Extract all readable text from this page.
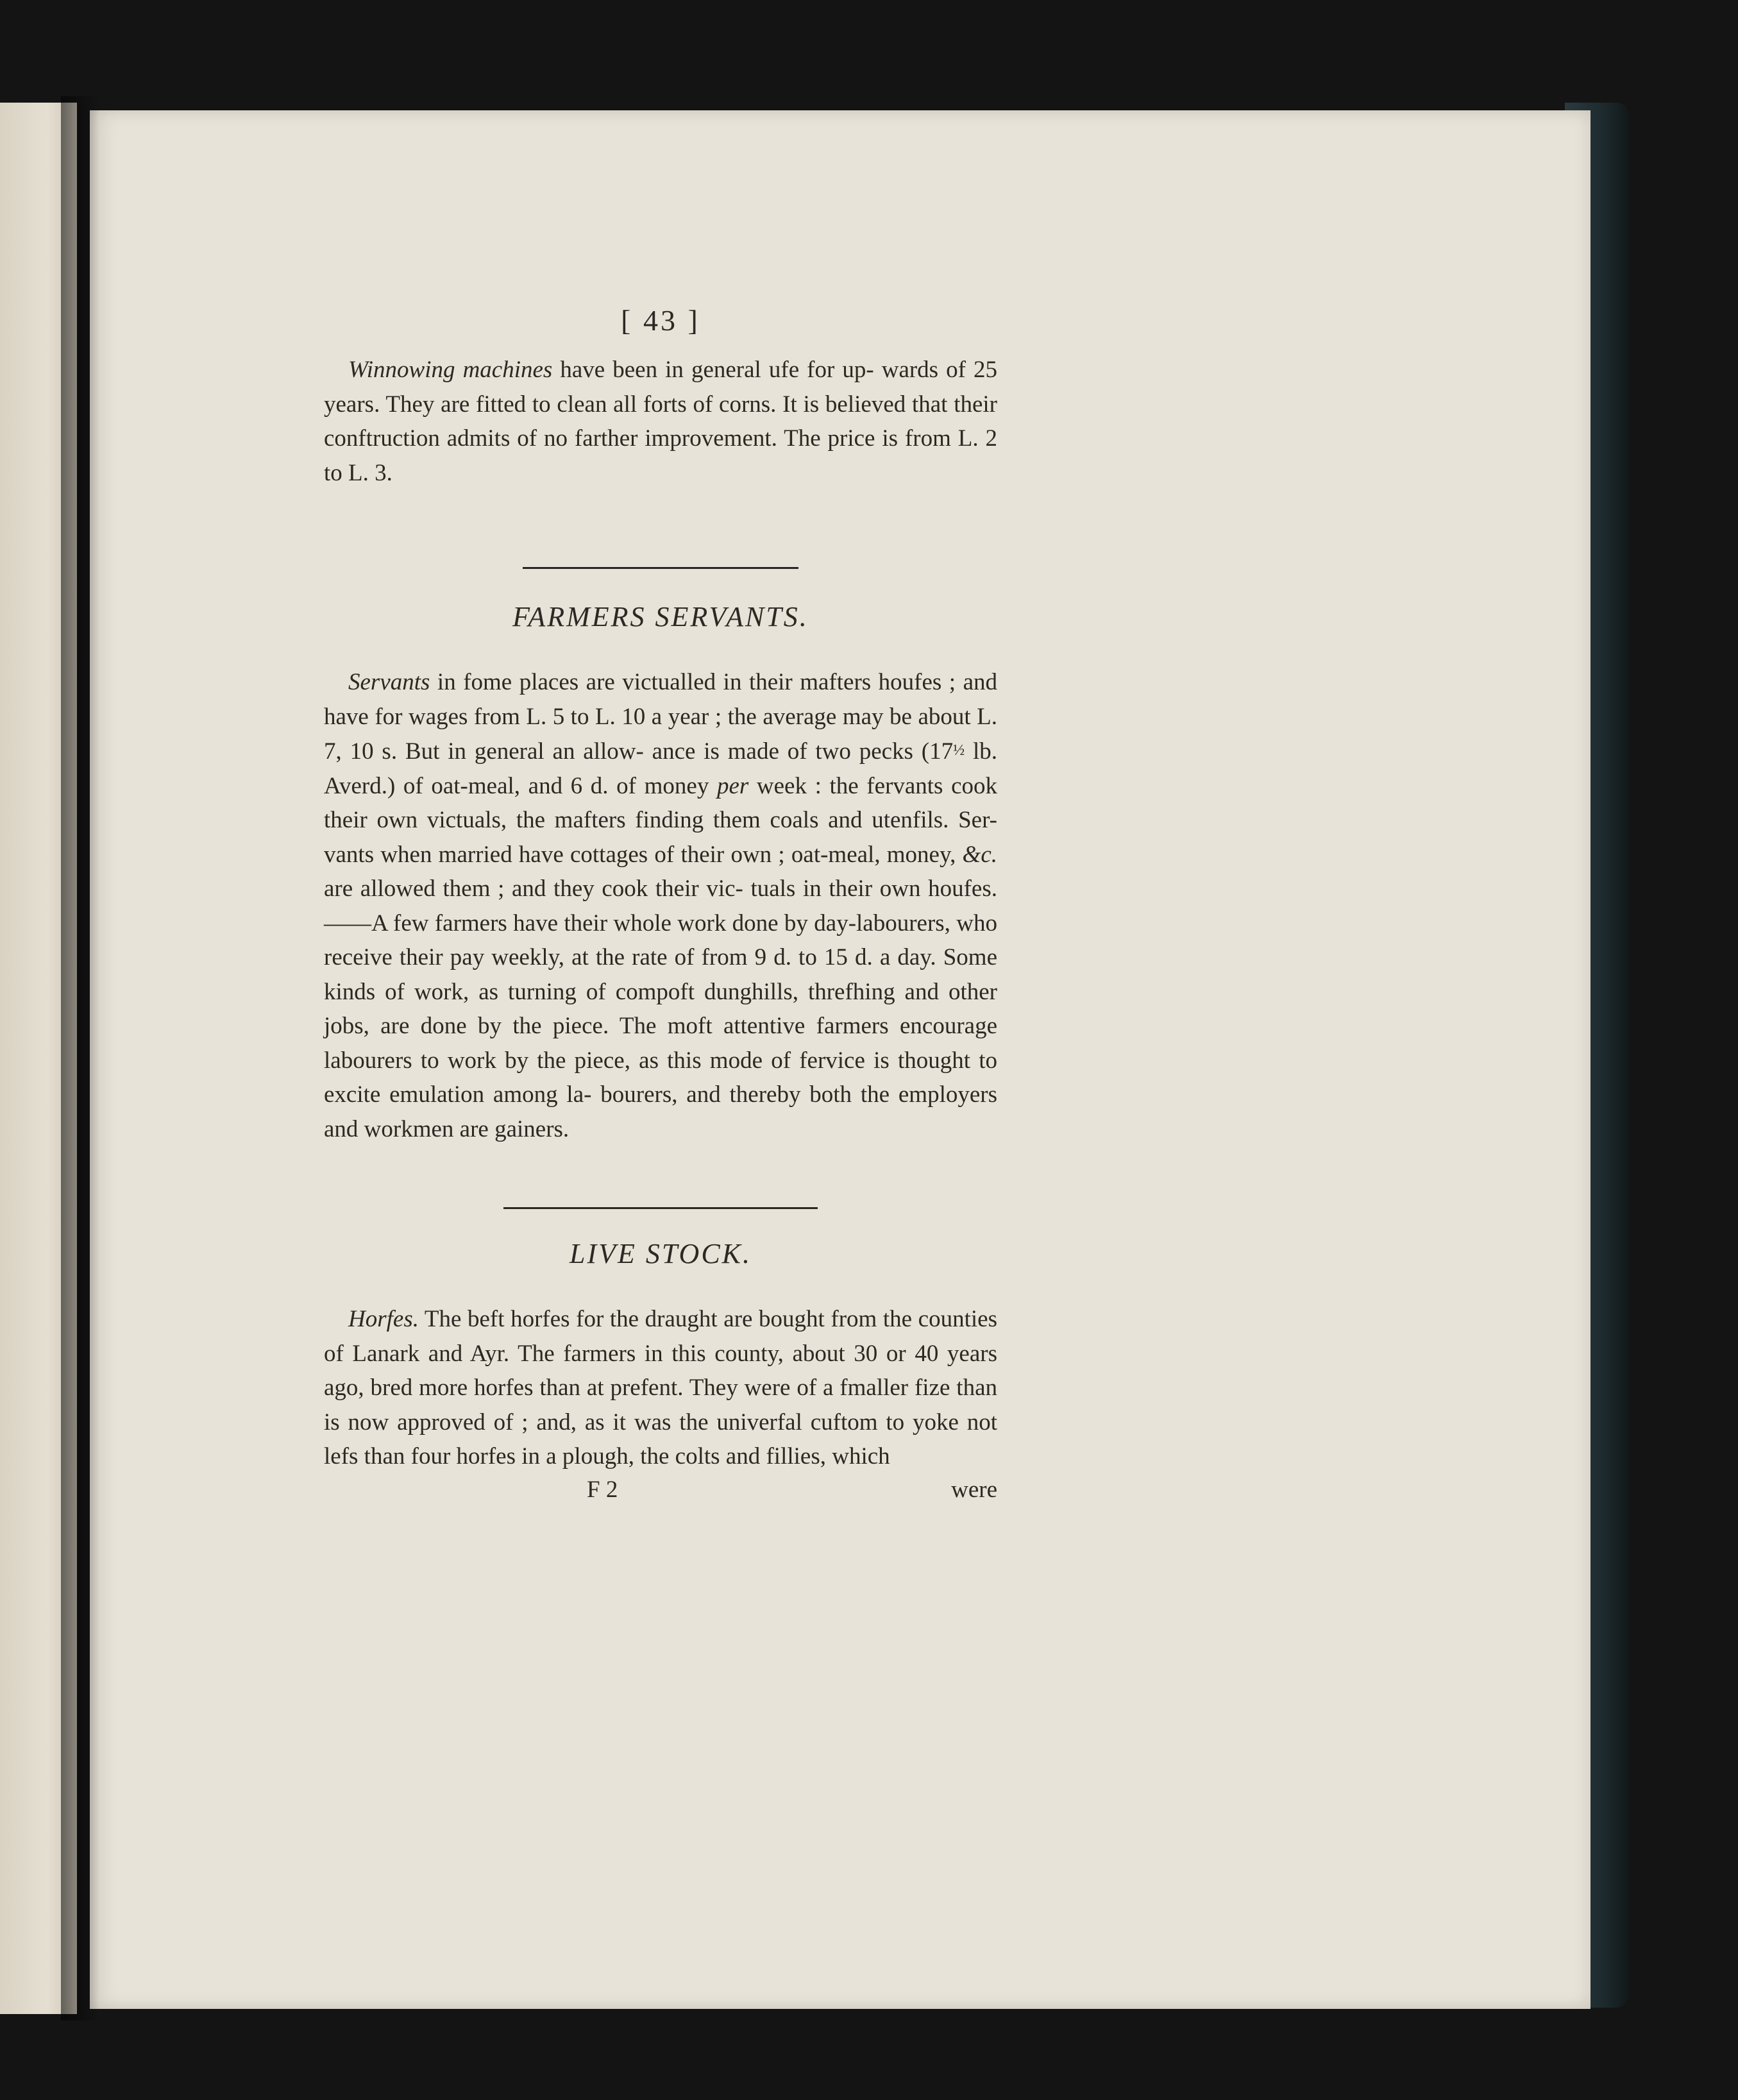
[ 43 ]

Winnowing machines have been in general ufe for up- wards of 25 years. They are fitted to clean all forts of corns. It is believed that their conftruction admits of no farther improvement. The price is from L. 2 to L. 3.

FARMERS SERVANTS.

Servants in fome places are victualled in their mafters houfes ; and have for wages from L. 5 to L. 10 a year ; the average may be about L. 7, 10 s. But in general an allow- ance is made of two pecks (17½ lb. Averd.) of oat-meal, and 6 d. of money per week : the fervants cook their own victuals, the mafters finding them coals and utenfils. Ser- vants when married have cottages of their own ; oat-meal, money, &c. are allowed them ; and they cook their vic- tuals in their own houfes. ——A few farmers have their whole work done by day-labourers, who receive their pay weekly, at the rate of from 9 d. to 15 d. a day. Some kinds of work, as turning of compoft dunghills, threfhing and other jobs, are done by the piece. The moft attentive farmers encourage labourers to work by the piece, as this mode of fervice is thought to excite emulation among la- bourers, and thereby both the employers and workmen are gainers.

LIVE STOCK.

Horfes. The beft horfes for the draught are bought from the counties of Lanark and Ayr. The farmers in this county, about 30 or 40 years ago, bred more horfes than at prefent. They were of a fmaller fize than is now approved of ; and, as it was the univerfal cuftom to yoke not lefs than four horfes in a plough, the colts and fillies, which

F 2	were
